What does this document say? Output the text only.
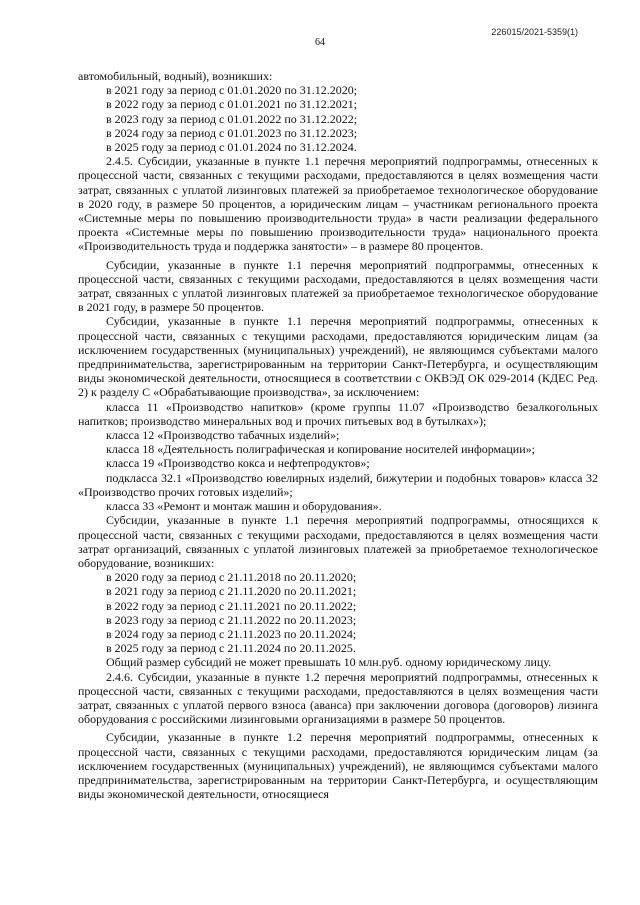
226015/2021-5359(1)
64

автомобильный, водный), возникших:

в 2021 году за период с 01.01.2020 по 31.12.2020;

в 2022 году за период с 01.01.2021 по 31.12.2021;

в 2023 году за период с 01.01.2022 по 31.12.2022;

в 2024 году за период с 01.01.2023 по 31.12.2023;

в 2025 году за период с 01.01.2024 по 31.12.2024.

2.4.5. Субсидии, указанные в пункте 1.1 перечня мероприятий подпрограммы, отнесенных к процессной части, связанных с текущими расходами, предоставляются в целях возмещения части затрат, связанных с уплатой лизинговых платежей за приобретаемое технологическое оборудование в 2020 году, в размере 50 процентов, а юридическим лицам – участникам регионального проекта «Системные меры по повышению производительности труда» в части реализации федерального проекта «Системные меры по повышению производительности труда» национального проекта «Производительность труда и поддержка занятости» – в размере 80 процентов.

Субсидии, указанные в пункте 1.1 перечня мероприятий подпрограммы, отнесенных к процессной части, связанных с текущими расходами, предоставляются в целях возмещения части затрат, связанных с уплатой лизинговых платежей за приобретаемое технологическое оборудование в 2021 году, в размере 50 процентов.

Субсидии, указанные в пункте 1.1 перечня мероприятий подпрограммы, отнесенных к процессной части, связанных с текущими расходами, предоставляются юридическим лицам (за исключением государственных (муниципальных) учреждений), не являющимся субъектами малого предпринимательства, зарегистрированным на территории Санкт-Петербурга, и осуществляющим виды экономической деятельности, относящиеся в соответствии с ОКВЭД ОК 029-2014 (КДЕС Ред. 2) к разделу С «Обрабатывающие производства», за исключением:

класса 11 «Производство напитков» (кроме группы 11.07 «Производство безалкогольных напитков; производство минеральных вод и прочих питьевых вод в бутылках»);

класса 12 «Производство табачных изделий»;

класса 18 «Деятельность полиграфическая и копирование носителей информации»;

класса 19 «Производство кокса и нефтепродуктов»;

подкласса 32.1 «Производство ювелирных изделий, бижутерии и подобных товаров» класса 32 «Производство прочих готовых изделий»;

класса 33 «Ремонт и монтаж машин и оборудования».

Субсидии, указанные в пункте 1.1 перечня мероприятий подпрограммы, относящихся к процессной части, связанных с текущими расходами, предоставляются в целях возмещения части затрат организаций, связанных с уплатой лизинговых платежей за приобретаемое технологическое оборудование, возникших:

в 2020 году за период с 21.11.2018 по 20.11.2020;

в 2021 году за период с 21.11.2020 по 20.11.2021;

в 2022 году за период с 21.11.2021 по 20.11.2022;

в 2023 году за период с 21.11.2022 по 20.11.2023;

в 2024 году за период с 21.11.2023 по 20.11.2024;

в 2025 году за период с 21.11.2024 по 20.11.2025.

Общий размер субсидий не может превышать 10 млн.руб. одному юридическому лицу.

2.4.6. Субсидии, указанные в пункте 1.2 перечня мероприятий подпрограммы, отнесенных к процессной части, связанных с текущими расходами, предоставляются в целях возмещения части затрат, связанных с уплатой первого взноса (аванса) при заключении договора (договоров) лизинга оборудования с российскими лизинговыми организациями в размере 50 процентов.

Субсидии, указанные в пункте 1.2 перечня мероприятий подпрограммы, отнесенных к процессной части, связанных с текущими расходами, предоставляются юридическим лицам (за исключением государственных (муниципальных) учреждений), не являющимся субъектами малого предпринимательства, зарегистрированным на территории Санкт-Петербурга, и осуществляющим виды экономической деятельности, относящиеся
